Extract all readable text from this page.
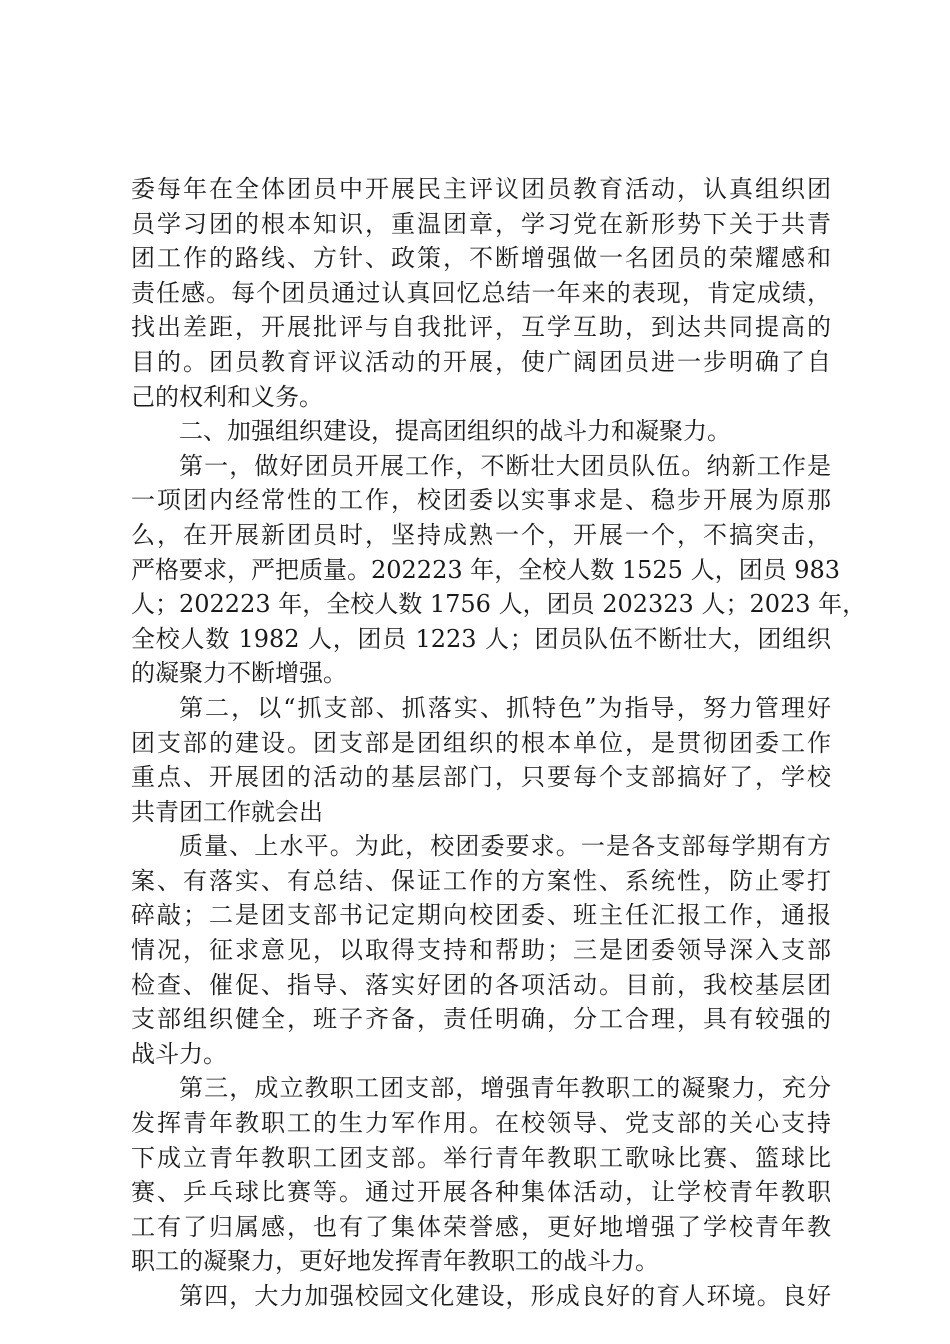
委每年在全体团员中开展民主评议团员教育活动，认真组织团
员学习团的根本知识，重温团章，学习党在新形势下关于共青
团工作的路线、方针、政策，不断增强做一名团员的荣耀感和
责任感。每个团员通过认真回忆总结一年来的表现，肯定成绩，
找出差距，开展批评与自我批评，互学互助，到达共同提高的
目的。团员教育评议活动的开展，使广阔团员进一步明确了自
己的权利和义务。
二、加强组织建设，提高团组织的战斗力和凝聚力。
第一，做好团员开展工作，不断壮大团员队伍。纳新工作是
一项团内经常性的工作，校团委以实事求是、稳步开展为原那
么，在开展新团员时，坚持成熟一个，开展一个，不搞突击，
严格要求，严把质量。202223 年，全校人数 1525 人，团员 983
人；202223 年，全校人数 1756 人，团员 202323 人；2023 年，
全校人数 1982 人，团员 1223 人；团员队伍不断壮大，团组织
的凝聚力不断增强。
第二，以“抓支部、抓落实、抓特色”为指导，努力管理好
团支部的建设。团支部是团组织的根本单位，是贯彻团委工作
重点、开展团的活动的基层部门，只要每个支部搞好了，学校
共青团工作就会出
质量、上水平。为此，校团委要求。一是各支部每学期有方
案、有落实、有总结、保证工作的方案性、系统性，防止零打
碎敲；二是团支部书记定期向校团委、班主任汇报工作，通报
情况，征求意见，以取得支持和帮助；三是团委领导深入支部
检查、催促、指导、落实好团的各项活动。目前，我校基层团
支部组织健全，班子齐备，责任明确，分工合理，具有较强的
战斗力。
第三，成立教职工团支部，增强青年教职工的凝聚力，充分
发挥青年教职工的生力军作用。在校领导、党支部的关心支持
下成立青年教职工团支部。举行青年教职工歌咏比赛、篮球比
赛、乒乓球比赛等。通过开展各种集体活动，让学校青年教职
工有了归属感，也有了集体荣誉感，更好地增强了学校青年教
职工的凝聚力，更好地发挥青年教职工的战斗力。
第四，大力加强校园文化建设，形成良好的育人环境。良好
